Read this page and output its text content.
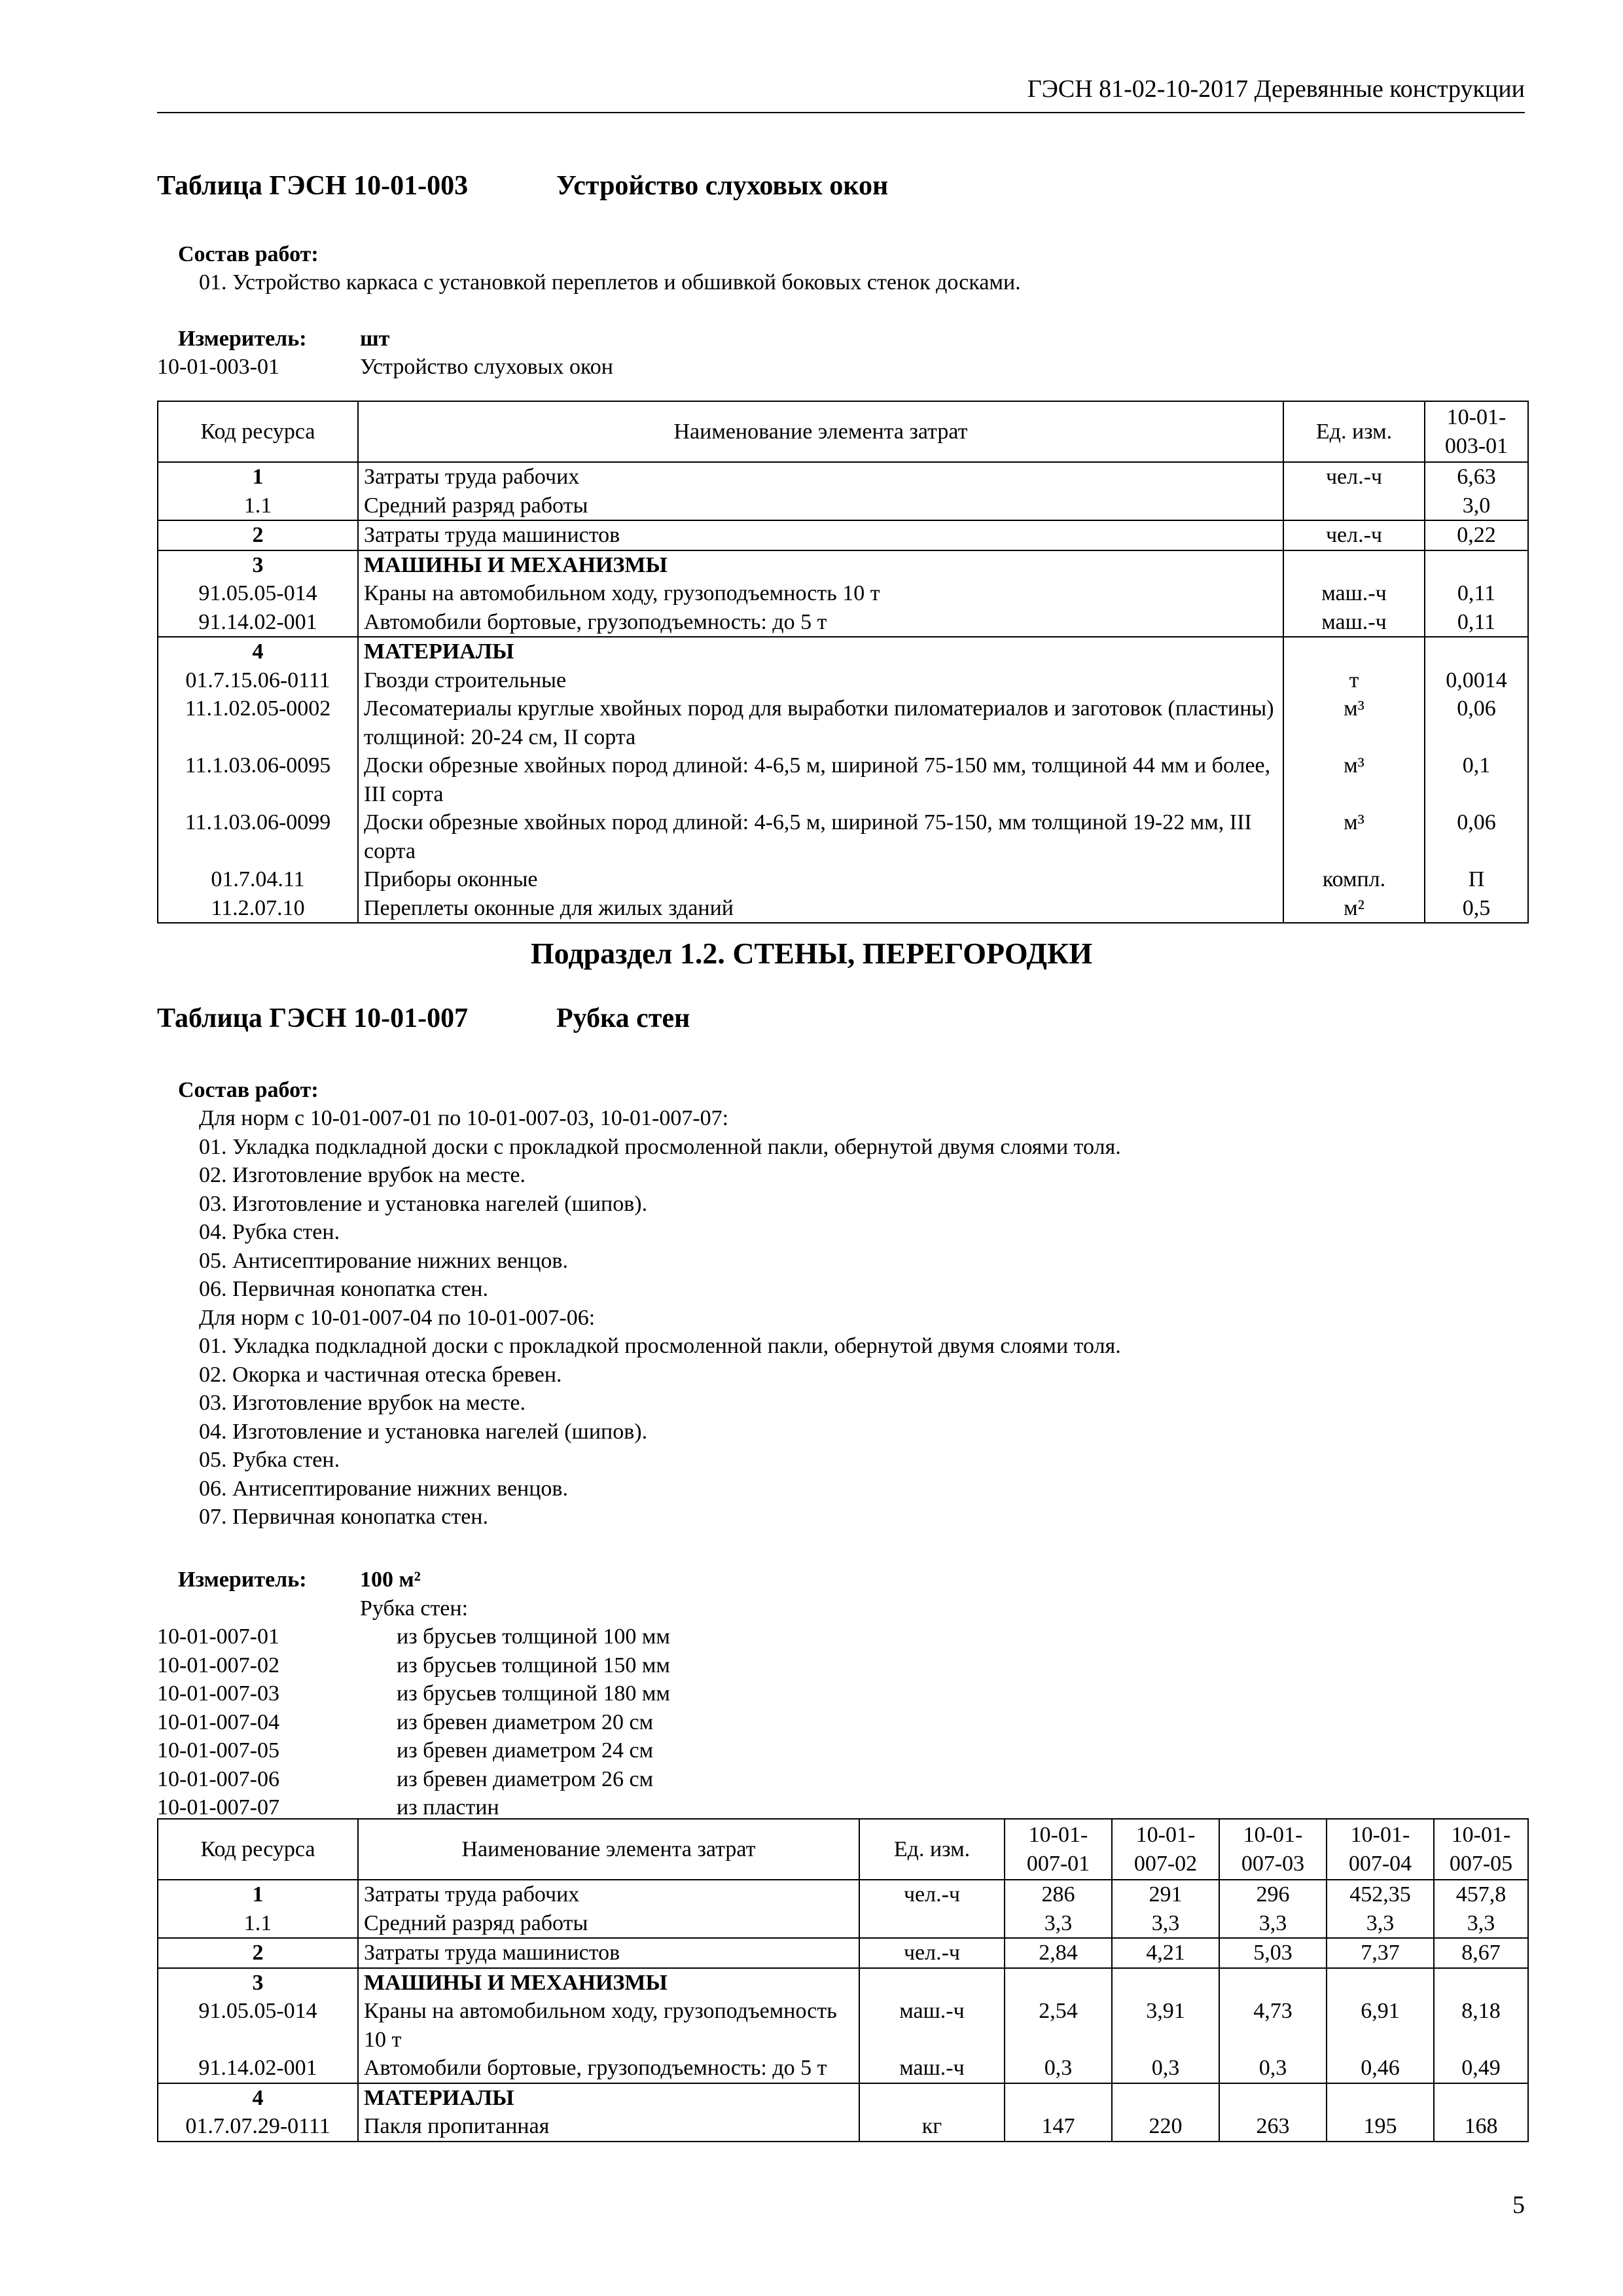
ГЭСН 81-02-10-2017 Деревянные конструкции
Таблица ГЭСН 10-01-003	Устройство слуховых окон
Состав работ:
01. Устройство каркаса с установкой переплетов и обшивкой боковых стенок досками.
Измеритель:	шт
10-01-003-01	Устройство слуховых окон
Код ресурса	Наименование элемента затрат	Ед. изм.	10-01-003-01
1	Затраты труда рабочих	чел.-ч	6,63
1.1	Средний разряд работы		3,0
2	Затраты труда машинистов	чел.-ч	0,22
3	МАШИНЫ И МЕХАНИЗМЫ		
91.05.05-014	Краны на автомобильном ходу, грузоподъемность 10 т	маш.-ч	0,11
91.14.02-001	Автомобили бортовые, грузоподъемность: до 5 т	маш.-ч	0,11
4	МАТЕРИАЛЫ		
01.7.15.06-0111	Гвозди строительные	т	0,0014
11.1.02.05-0002	Лесоматериалы круглые хвойных пород для выработки пиломатериалов и заготовок (пластины) толщиной: 20-24 см, II сорта	м³	0,06
11.1.03.06-0095	Доски обрезные хвойных пород длиной: 4-6,5 м, шириной 75-150 мм, толщиной 44 мм и более, III сорта	м³	0,1
11.1.03.06-0099	Доски обрезные хвойных пород длиной: 4-6,5 м, шириной 75-150, мм толщиной 19-22 мм, III сорта	м³	0,06
01.7.04.11	Приборы оконные	компл.	П
11.2.07.10	Переплеты оконные для жилых зданий	м²	0,5
Подраздел 1.2. СТЕНЫ, ПЕРЕГОРОДКИ
Таблица ГЭСН 10-01-007	Рубка стен
Состав работ:
Для норм с 10-01-007-01 по 10-01-007-03, 10-01-007-07:
01. Укладка подкладной доски с прокладкой просмоленной пакли, обернутой двумя слоями толя.
02. Изготовление врубок на месте.
03. Изготовление и установка нагелей (шипов).
04. Рубка стен.
05. Антисептирование нижних венцов.
06. Первичная конопатка стен.
Для норм с 10-01-007-04 по 10-01-007-06:
01. Укладка подкладной доски с прокладкой просмоленной пакли, обернутой двумя слоями толя.
02. Окорка и частичная отеска бревен.
03. Изготовление врубок на месте.
04. Изготовление и установка нагелей (шипов).
05. Рубка стен.
06. Антисептирование нижних венцов.
07. Первичная конопатка стен.
Измеритель:	100 м²
Рубка стен:
10-01-007-01	из брусьев толщиной 100 мм
10-01-007-02	из брусьев толщиной 150 мм
10-01-007-03	из брусьев толщиной 180 мм
10-01-007-04	из бревен диаметром 20 см
10-01-007-05	из бревен диаметром 24 см
10-01-007-06	из бревен диаметром 26 см
10-01-007-07	из пластин
Код ресурса	Наименование элемента затрат	Ед. изм.	10-01-007-01	10-01-007-02	10-01-007-03	10-01-007-04	10-01-007-05
1	Затраты труда рабочих	чел.-ч	286	291	296	452,35	457,8
1.1	Средний разряд работы		3,3	3,3	3,3	3,3	3,3
2	Затраты труда машинистов	чел.-ч	2,84	4,21	5,03	7,37	8,67
3	МАШИНЫ И МЕХАНИЗМЫ						
91.05.05-014	Краны на автомобильном ходу, грузоподъемность 10 т	маш.-ч	2,54	3,91	4,73	6,91	8,18
91.14.02-001	Автомобили бортовые, грузоподъемность: до 5 т	маш.-ч	0,3	0,3	0,3	0,46	0,49
4	МАТЕРИАЛЫ						
01.7.07.29-0111	Пакля пропитанная	кг	147	220	263	195	168
5
